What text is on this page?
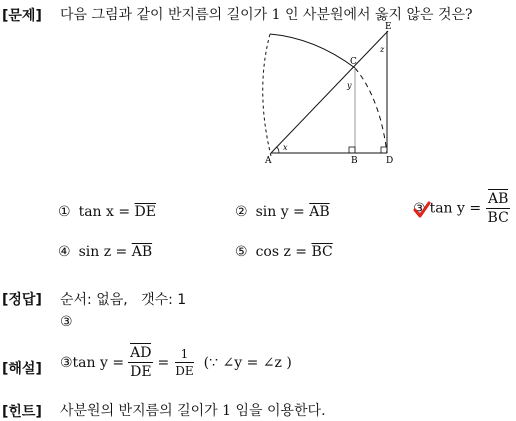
[문제] 다음 그림과 같이 반지름의 길이가 1 인 사분원에서 옳지 않은 것은?
A	B
C
D
E
x
y
z
① $\tan x = \overline{DE}$	② $\sin y = \overline{AB}$	③ $\tan y = \frac{AB}{BC}$
④ $\sin z = \overline{AB}$	⑤ $\cos z = \overline{BC}$
[정답] 순서: 없음,   갯수: 1
③
[해설] ③tan $y = \frac{AD}{DE} = \frac{1}{DE}$ (∵ ∠y = ∠z )
[힌트] 사분원의 반지름의 길이가 1 임을 이용한다.
